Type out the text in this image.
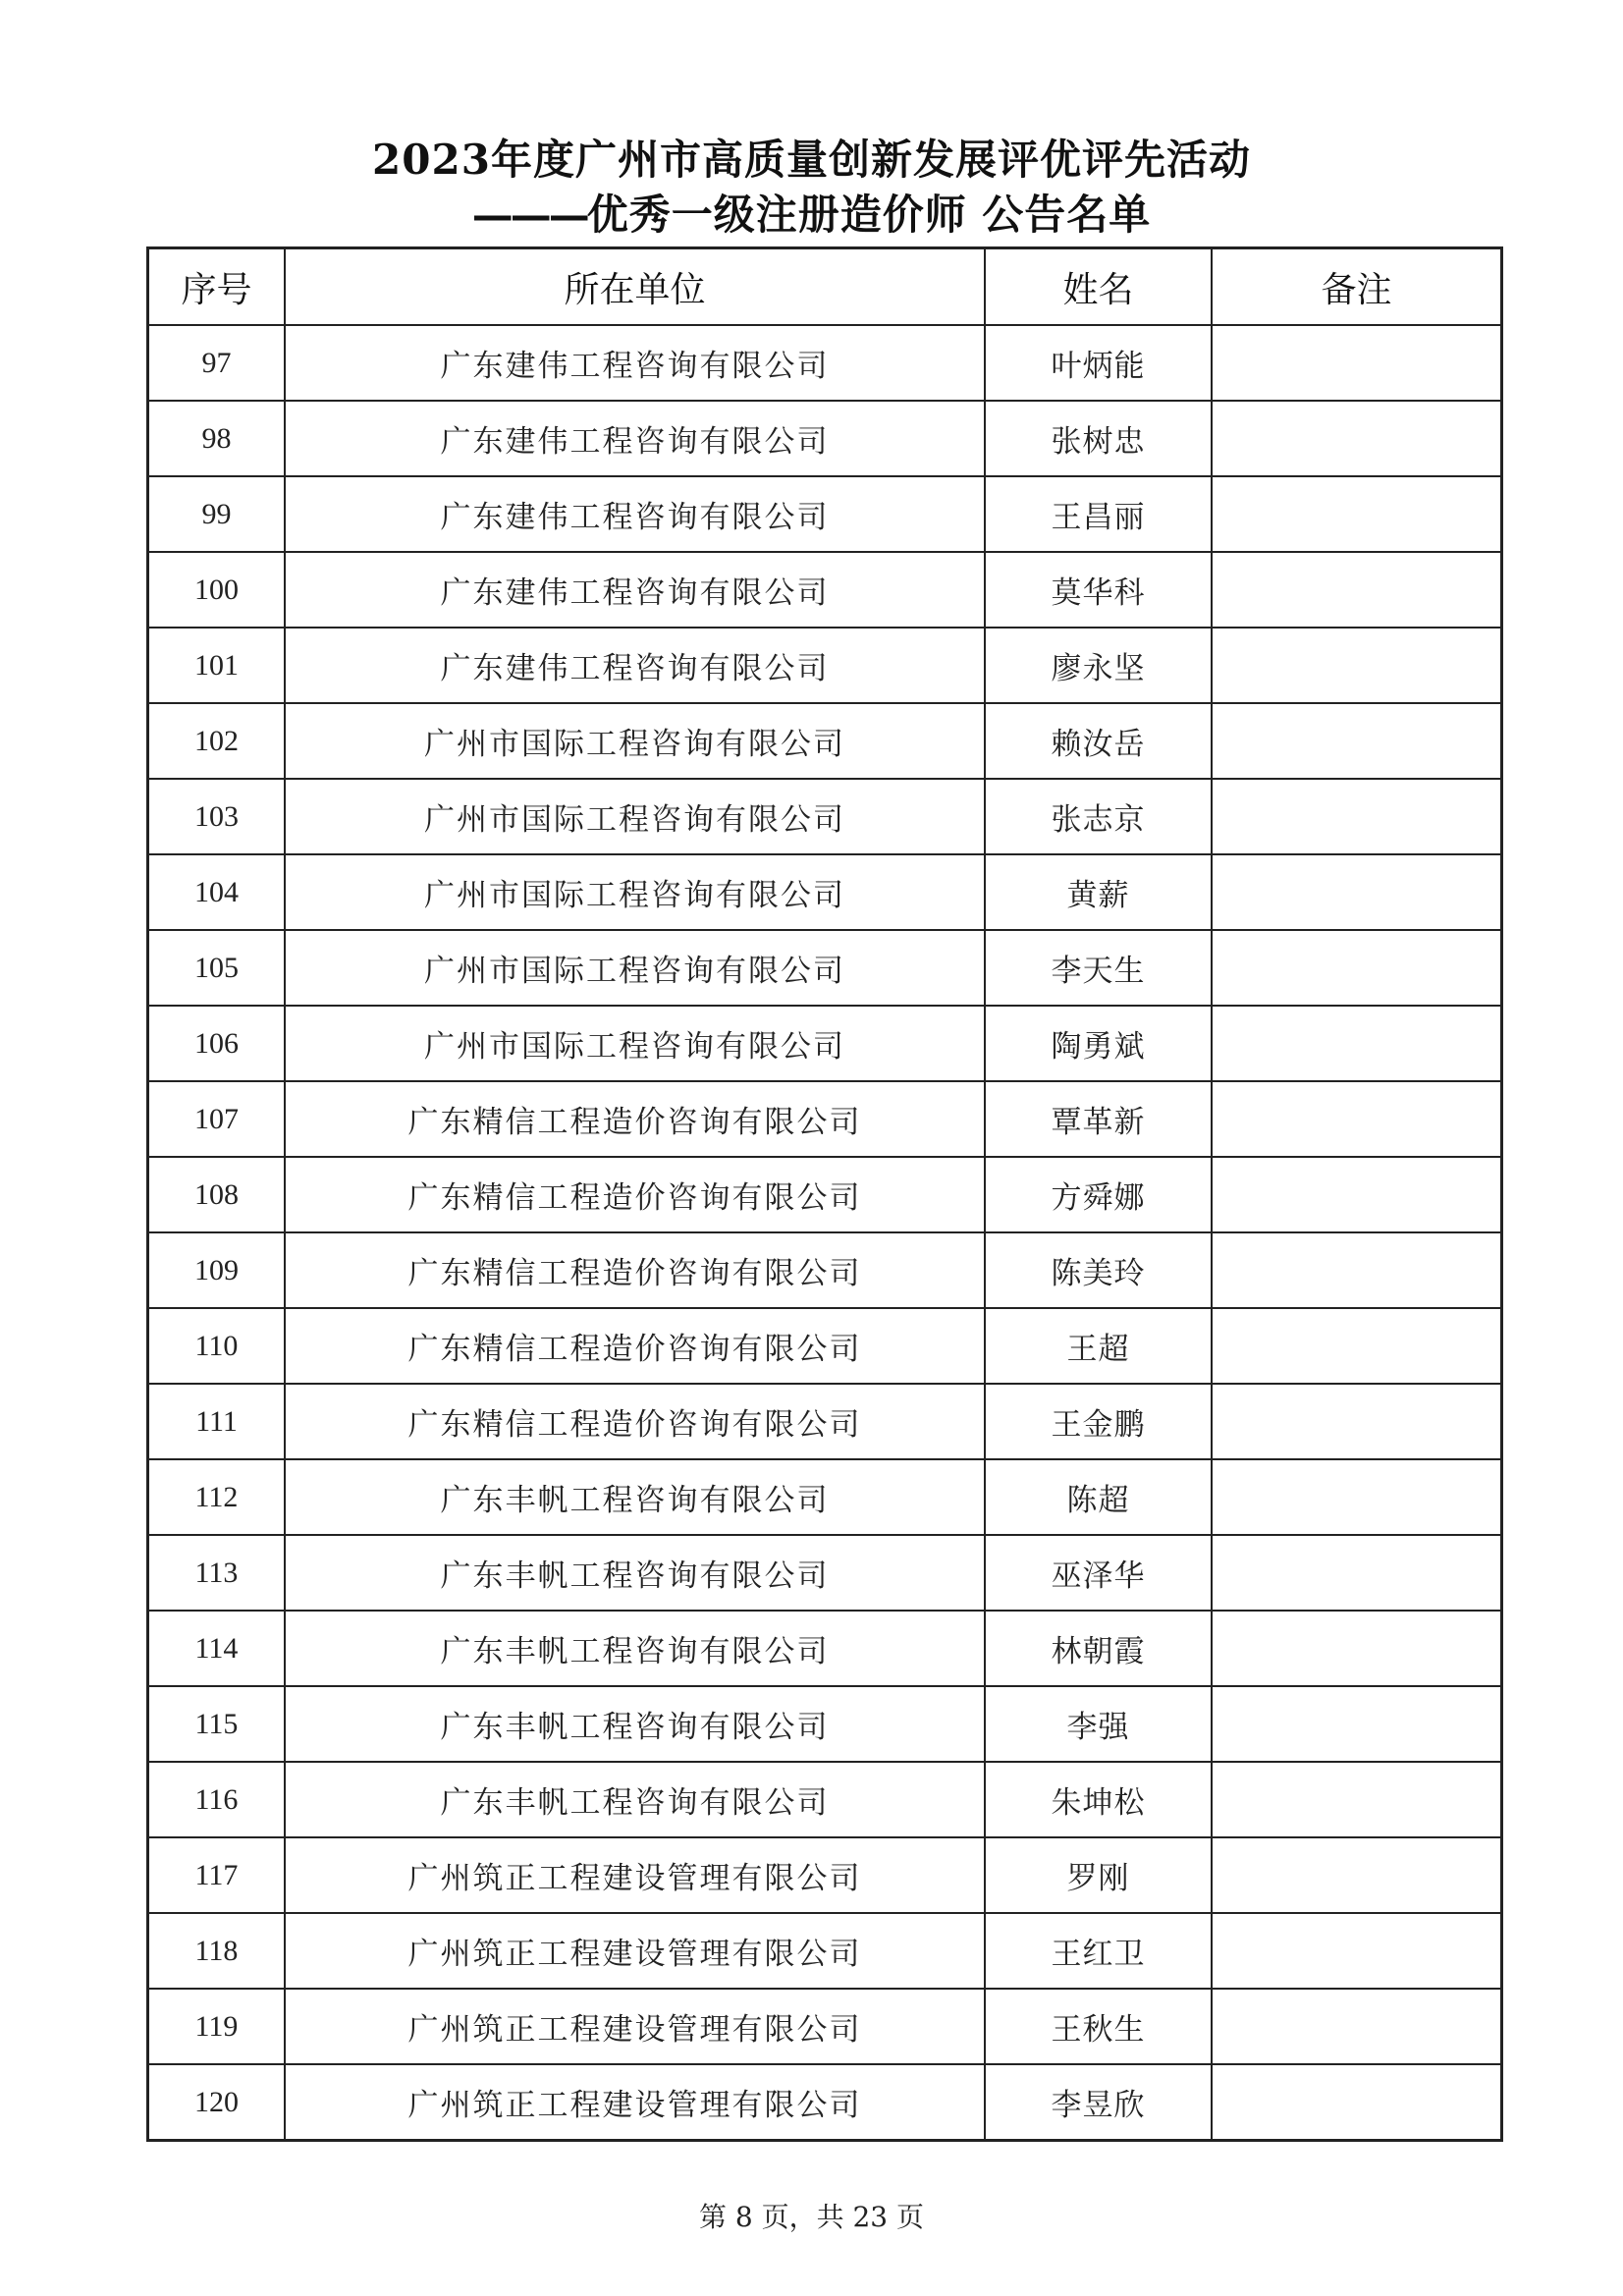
2023年度广州市高质量创新发展评优评先活动
———优秀一级注册造价师 公告名单
序号	所在单位	姓名	备注
97	广东建伟工程咨询有限公司	叶炳能	
98	广东建伟工程咨询有限公司	张树忠	
99	广东建伟工程咨询有限公司	王昌丽	
100	广东建伟工程咨询有限公司	莫华科	
101	广东建伟工程咨询有限公司	廖永坚	
102	广州市国际工程咨询有限公司	赖汝岳	
103	广州市国际工程咨询有限公司	张志京	
104	广州市国际工程咨询有限公司	黄薪	
105	广州市国际工程咨询有限公司	李天生	
106	广州市国际工程咨询有限公司	陶勇斌	
107	广东精信工程造价咨询有限公司	覃革新	
108	广东精信工程造价咨询有限公司	方舜娜	
109	广东精信工程造价咨询有限公司	陈美玲	
110	广东精信工程造价咨询有限公司	王超	
111	广东精信工程造价咨询有限公司	王金鹏	
112	广东丰帆工程咨询有限公司	陈超	
113	广东丰帆工程咨询有限公司	巫泽华	
114	广东丰帆工程咨询有限公司	林朝霞	
115	广东丰帆工程咨询有限公司	李强	
116	广东丰帆工程咨询有限公司	朱坤松	
117	广州筑正工程建设管理有限公司	罗刚	
118	广州筑正工程建设管理有限公司	王红卫	
119	广州筑正工程建设管理有限公司	王秋生	
120	广州筑正工程建设管理有限公司	李昱欣	
第 8 页，共 23 页
